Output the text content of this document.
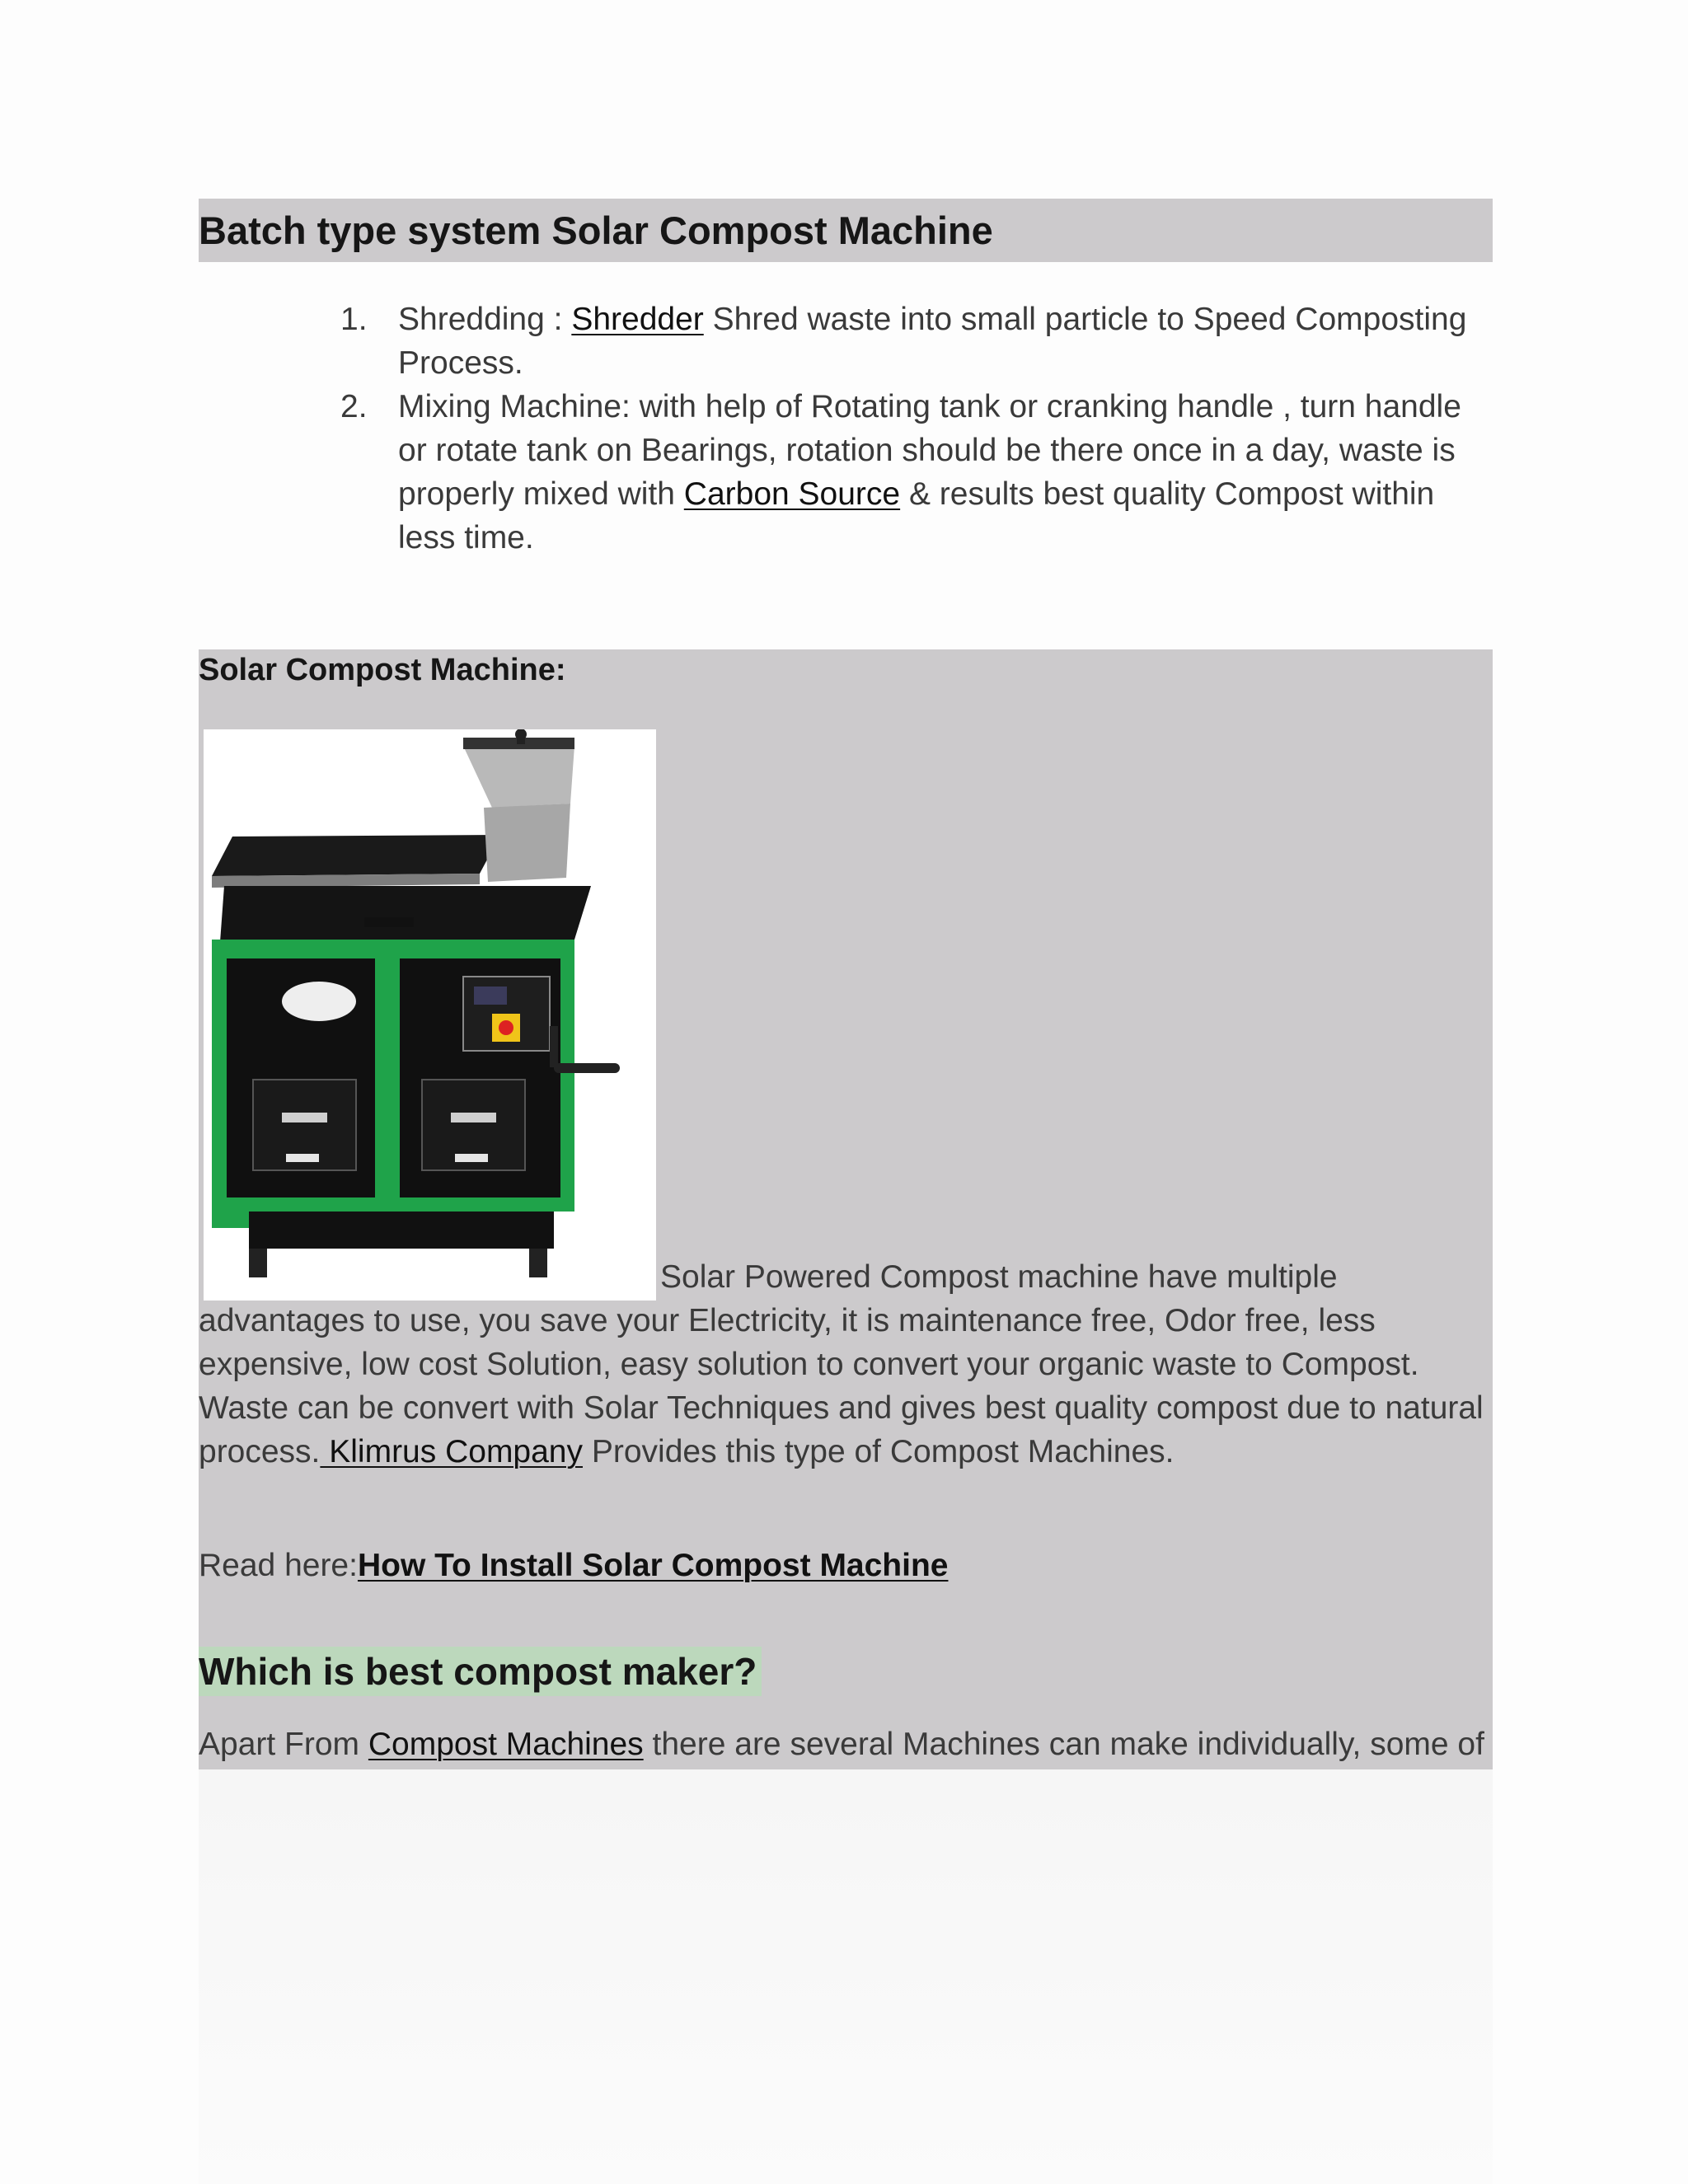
Batch type system Solar Compost Machine
1. Shredding : Shredder Shred waste into small particle to Speed Composting Process.
2. Mixing Machine: with help of Rotating tank or cranking handle , turn handle or rotate tank on Bearings, rotation should be there once in a day, waste is properly mixed with Carbon Source & results best quality Compost within less time.
Solar Compost Machine:
Solar Powered Compost machine have multiple advantages to use, you save your Electricity, it is maintenance free, Odor free, less expensive, low cost Solution, easy solution to convert your organic waste to Compost. Waste can be convert with Solar Techniques and gives best quality compost due to natural process. Klimrus Company Provides this type of Compost Machines.
Read here:How To Install Solar Compost Machine
Which is best compost maker?
Apart From Compost Machines there are several Machines can make individually, some of
